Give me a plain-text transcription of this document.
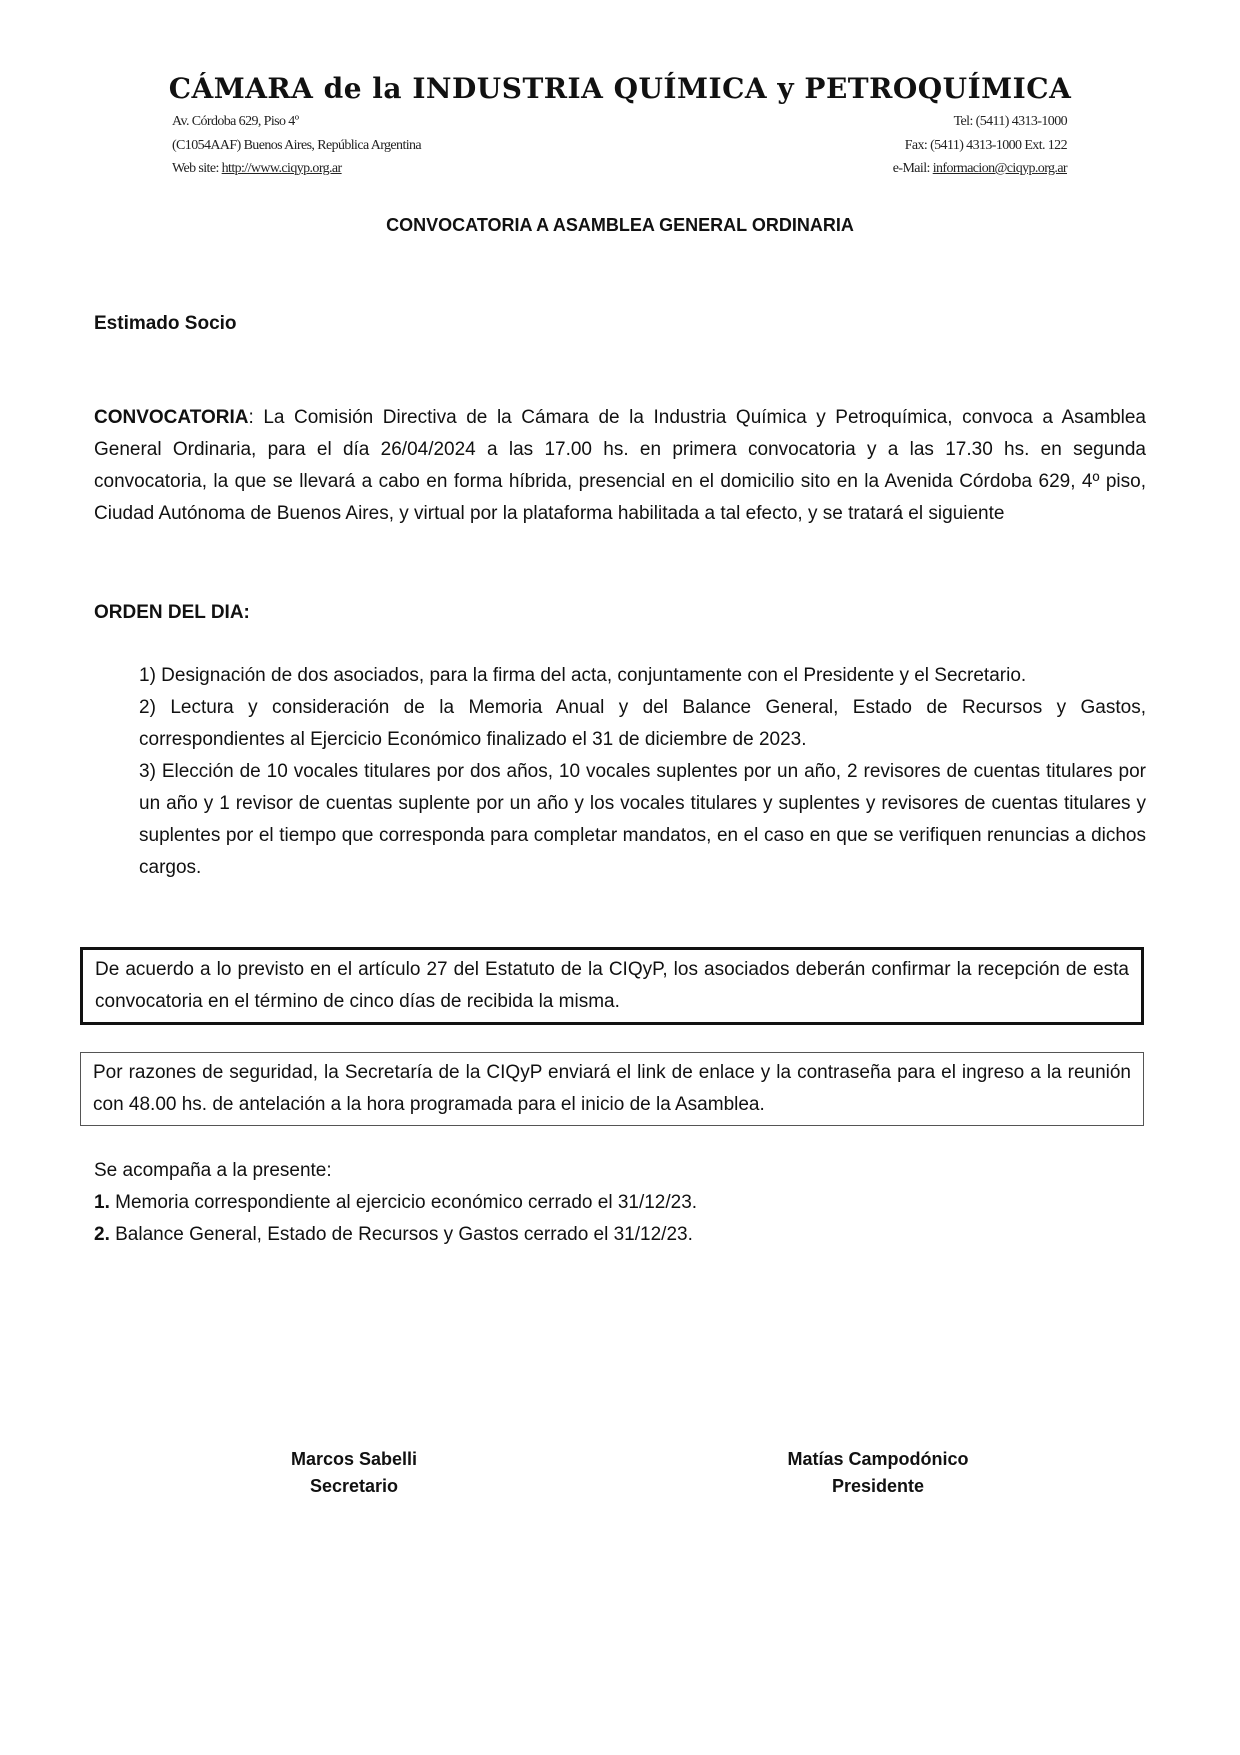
CÁMARA de la INDUSTRIA QUÍMICA y PETROQUÍMICA
Av. Córdoba 629, Piso 4º	Tel: (5411) 4313-1000
(C1054AAF) Buenos Aires, República Argentina	Fax: (5411) 4313-1000 Ext. 122
Web site: http://www.ciqyp.org.ar	e-Mail: informacion@ciqyp.org.ar
CONVOCATORIA A ASAMBLEA GENERAL ORDINARIA
Estimado Socio
CONVOCATORIA: La Comisión Directiva de la Cámara de la Industria Química y Petroquímica, convoca a Asamblea General Ordinaria, para el día 26/04/2024 a las 17.00 hs. en primera convocatoria y a las 17.30 hs. en segunda convocatoria, la que se llevará a cabo en forma híbrida, presencial en el domicilio sito en la Avenida Córdoba 629, 4º piso, Ciudad Autónoma de Buenos Aires, y virtual por la plataforma habilitada a tal efecto, y se tratará el siguiente
ORDEN DEL DIA:

1) Designación de dos asociados, para la firma del acta, conjuntamente con el Presidente y el Secretario.

2) Lectura y consideración de la Memoria Anual y del Balance General, Estado de Recursos y Gastos, correspondientes al Ejercicio Económico finalizado el 31 de diciembre de 2023.

3) Elección de 10 vocales titulares por dos años, 10 vocales suplentes por un año, 2 revisores de cuentas titulares por un año y 1 revisor de cuentas suplente por un año y los vocales titulares y suplentes y revisores de cuentas titulares y suplentes por el tiempo que corresponda para completar mandatos, en el caso en que se verifiquen renuncias a dichos cargos.

De acuerdo a lo previsto en el artículo 27 del Estatuto de la CIQyP, los asociados deberán confirmar la recepción de esta convocatoria en el término de cinco días de recibida la misma.
Por razones de seguridad, la Secretaría de la CIQyP enviará el link de enlace y la contraseña para el ingreso a la reunión con 48.00 hs. de antelación a la hora programada para el inicio de la Asamblea.

Se acompaña a la presente:

1. Memoria correspondiente al ejercicio económico cerrado el 31/12/23.

2. Balance General, Estado de Recursos y Gastos cerrado el 31/12/23.

Marcos Sabelli
Secretario
Matías Campodónico
Presidente
